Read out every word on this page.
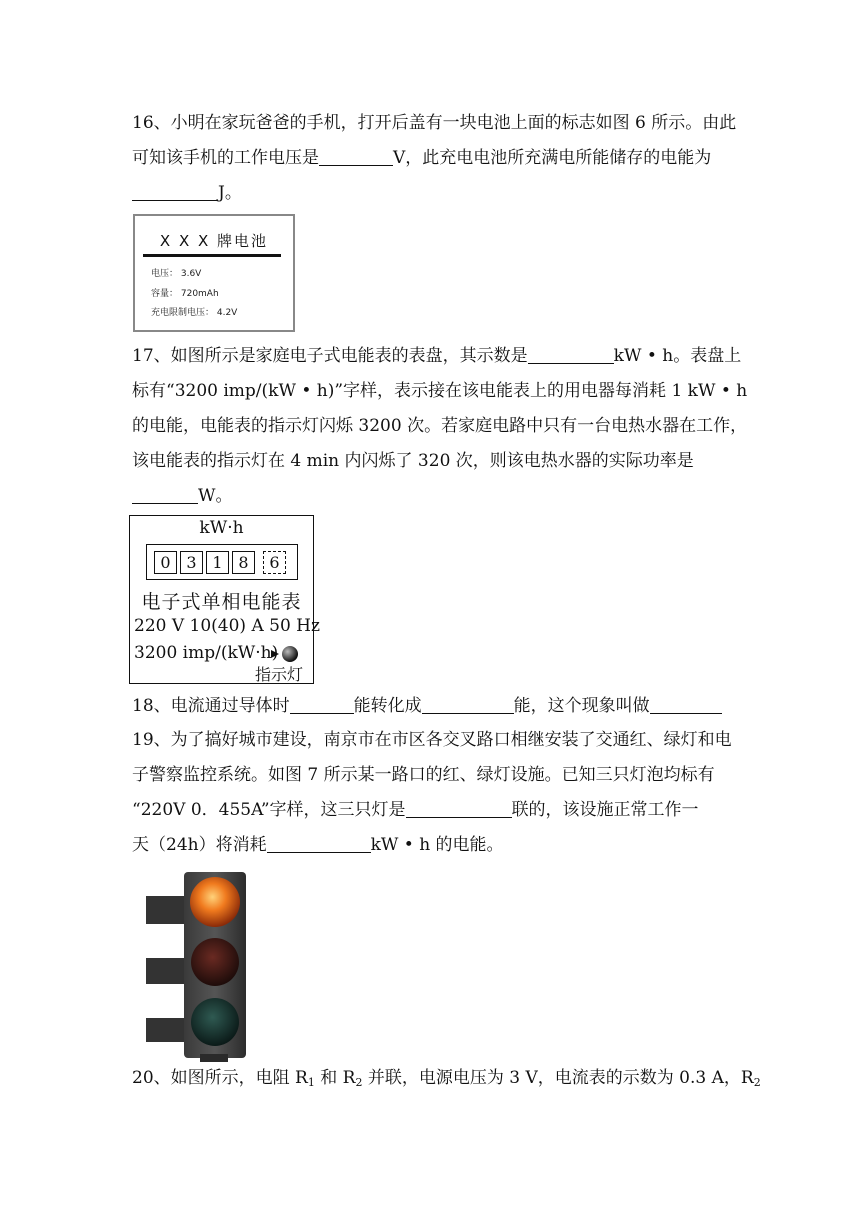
16、小明在家玩爸爸的手机，打开后盖有一块电池上面的标志如图 6 所示。由此
可知该手机的工作电压是	V，此充电电池所充满电所能储存的电能为
J。
X X X 牌电池
电压： 3.6V
容量： 720mAh
充电限制电压： 4.2V
17、如图所示是家庭电子式电能表的表盘，其示数是	kW • h。表盘上
标有“3200 imp/(kW • h)”字样，表示接在该电能表上的用电器每消耗 1 kW • h
的电能，电能表的指示灯闪烁 3200 次。若家庭电路中只有一台电热水器在工作，
该电能表的指示灯在 4 min 内闪烁了 320 次，则该电热水器的实际功率是
W。
kW·h
0 3 1 8	6
电子式单相电能表
220 V 10(40) A 50 Hz
3200 imp/(kW·h)
指示灯
18、电流通过导体时	能转化成	能，这个现象叫做
19、为了搞好城市建设，南京市在市区各交叉路口相继安装了交通红、绿灯和电
子警察监控系统。如图 7 所示某一路口的红、绿灯设施。已知三只灯泡均标有
“220V 0．455A”字样，这三只灯是	联的，该设施正常工作一
天（24h）将消耗	kW • h 的电能。
20、如图所示，电阻 $R_1$ 和 $R_2$ 并联，电源电压为 3 V，电流表的示数为 0.3 A，$R_2$
